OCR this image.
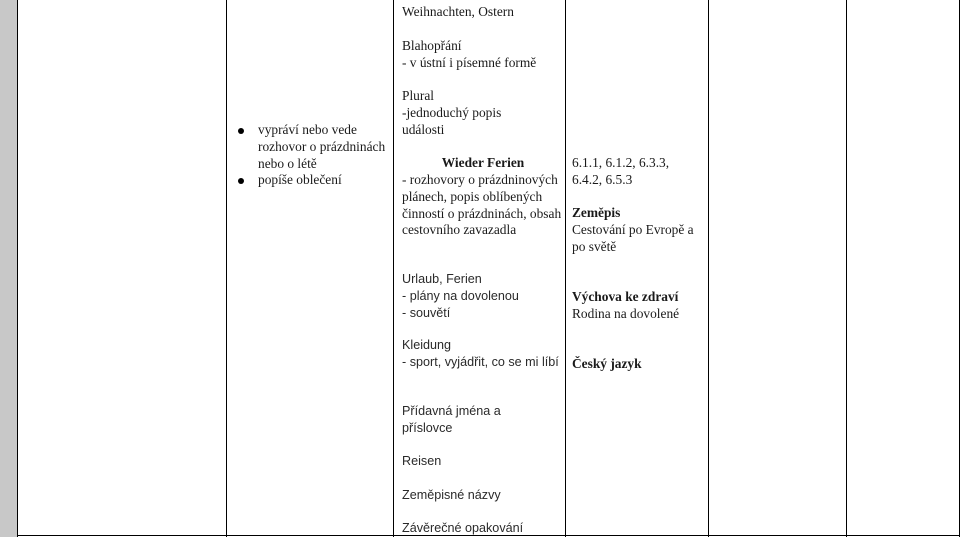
vypráví nebo vede rozhovor o prázdninách nebo o létě
popíše oblečení

Weihnachten, Ostern

Blahopřání

- v ústní i písemné formě

Plural

-jednoduchý popis události

Wieder Ferien

- rozhovory o prázdninových plánech, popis oblíbených činností o prázdninách, obsah cestovního zavazadla

Urlaub, Ferien

- plány na dovolenou

- souvětí

Kleidung

- sport, vyjádřit, co se mi líbí

Přídavná jména a příslovce

Reisen

Zeměpisné názvy

Závěrečné opakování

6.1.1, 6.1.2, 6.3.3,

6.4.2, 6.5.3

Zeměpis

Cestování po Evropě a po světě

Výchova ke zdraví

Rodina na dovolené

Český jazyk
